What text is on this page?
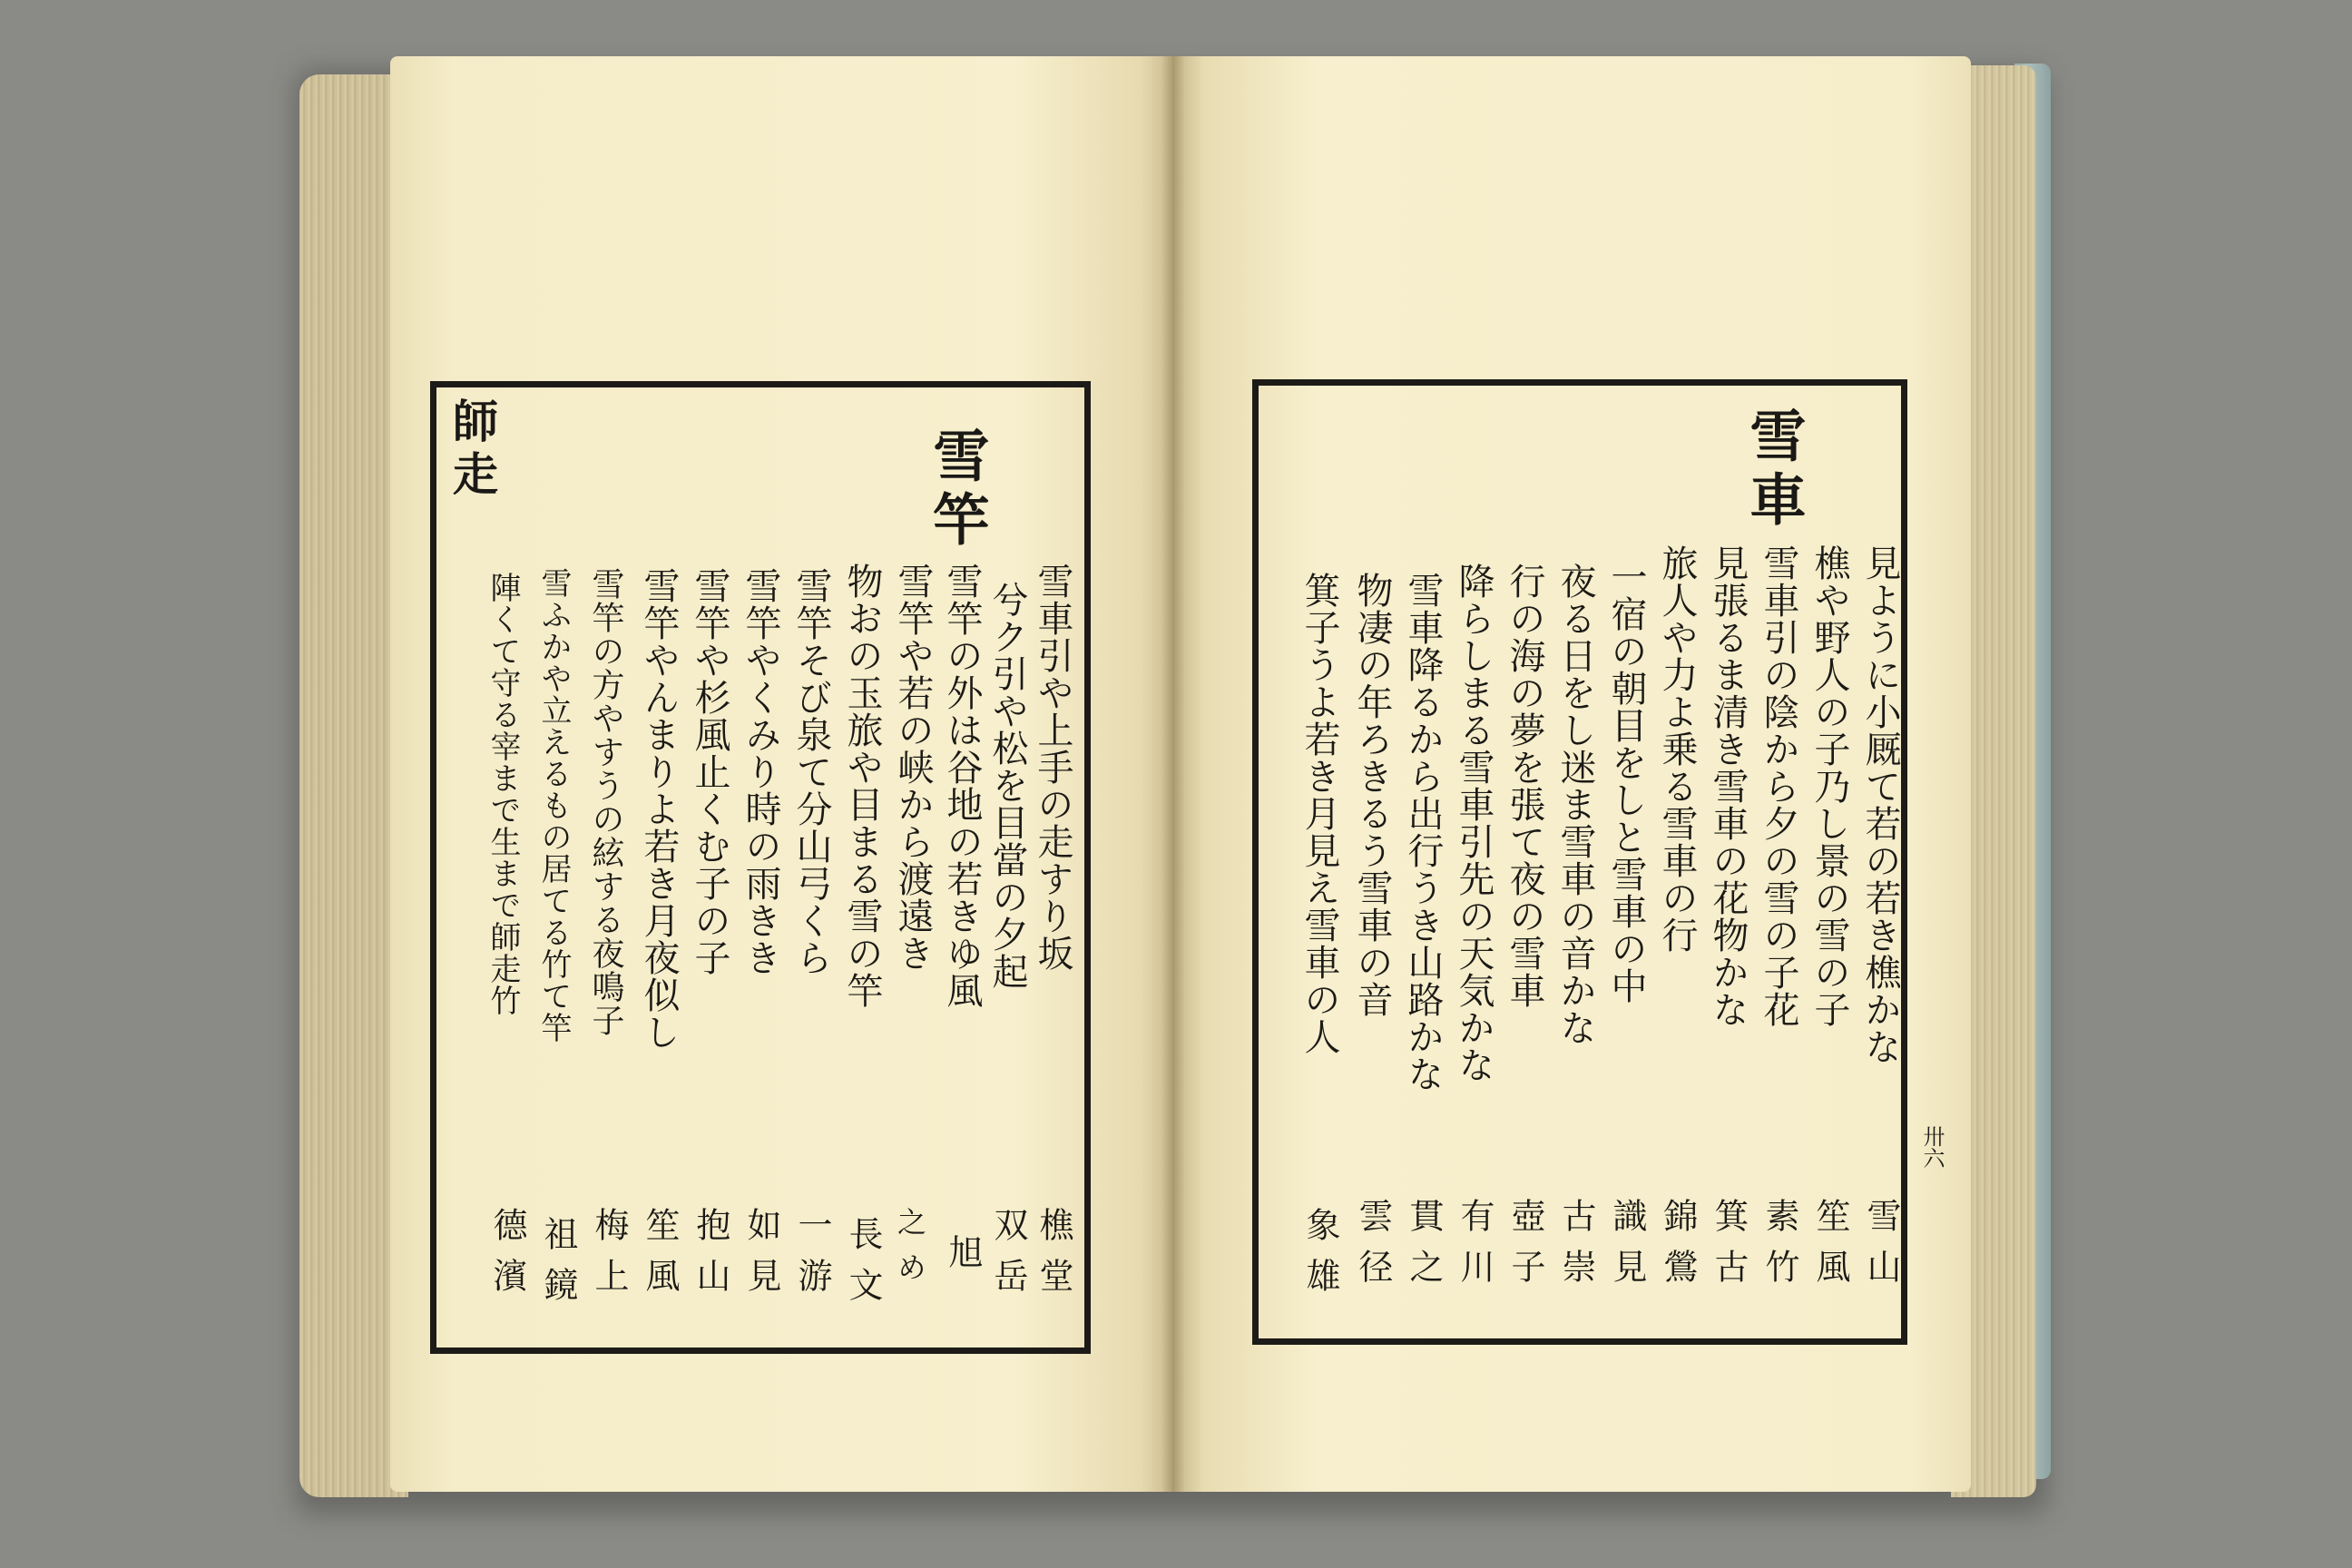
雪竿
師走
雪車引や上手の走すり坂
樵堂
兮ク引や松を目當の夕起
双岳
雪竿の外は谷地の若きゆ風
旭
雪竿や若の峡から渡遠き
之め
物おの玉旅や目まる雪の竿
長文
雪竿そび泉て分山弓くら
一游
雪竿やくみり時の雨きき
如見
雪竿や杉風止くむ子の子
抱山
雪竿やんまりよ若き月夜似し
笙風
雪竿の方やすうの絃する夜鳴子
梅上
雪ふかや立えるもの居てる竹て竿
祖鏡
陣くて守る宰まで生まで師走竹
德濱
雪車
卅六
見ように小厩て若の若き樵かな
雪山
樵や野人の子乃し景の雪の子
笙風
雪車引の陰から夕の雪の子花
素竹
見張るま清き雪車の花物かな
箕古
旅人や力よ乗る雪車の行
錦鶯
一宿の朝目をしと雪車の中
識見
夜る日をし迷ま雪車の音かな
古崇
行の海の夢を張て夜の雪車
壺子
降らしまる雪車引先の天気かな
有川
雪車降るから出行うき山路かな
貫之
物凄の年ろきるう雪車の音
雲径
箕子うよ若き月見え雪車の人
象雄
